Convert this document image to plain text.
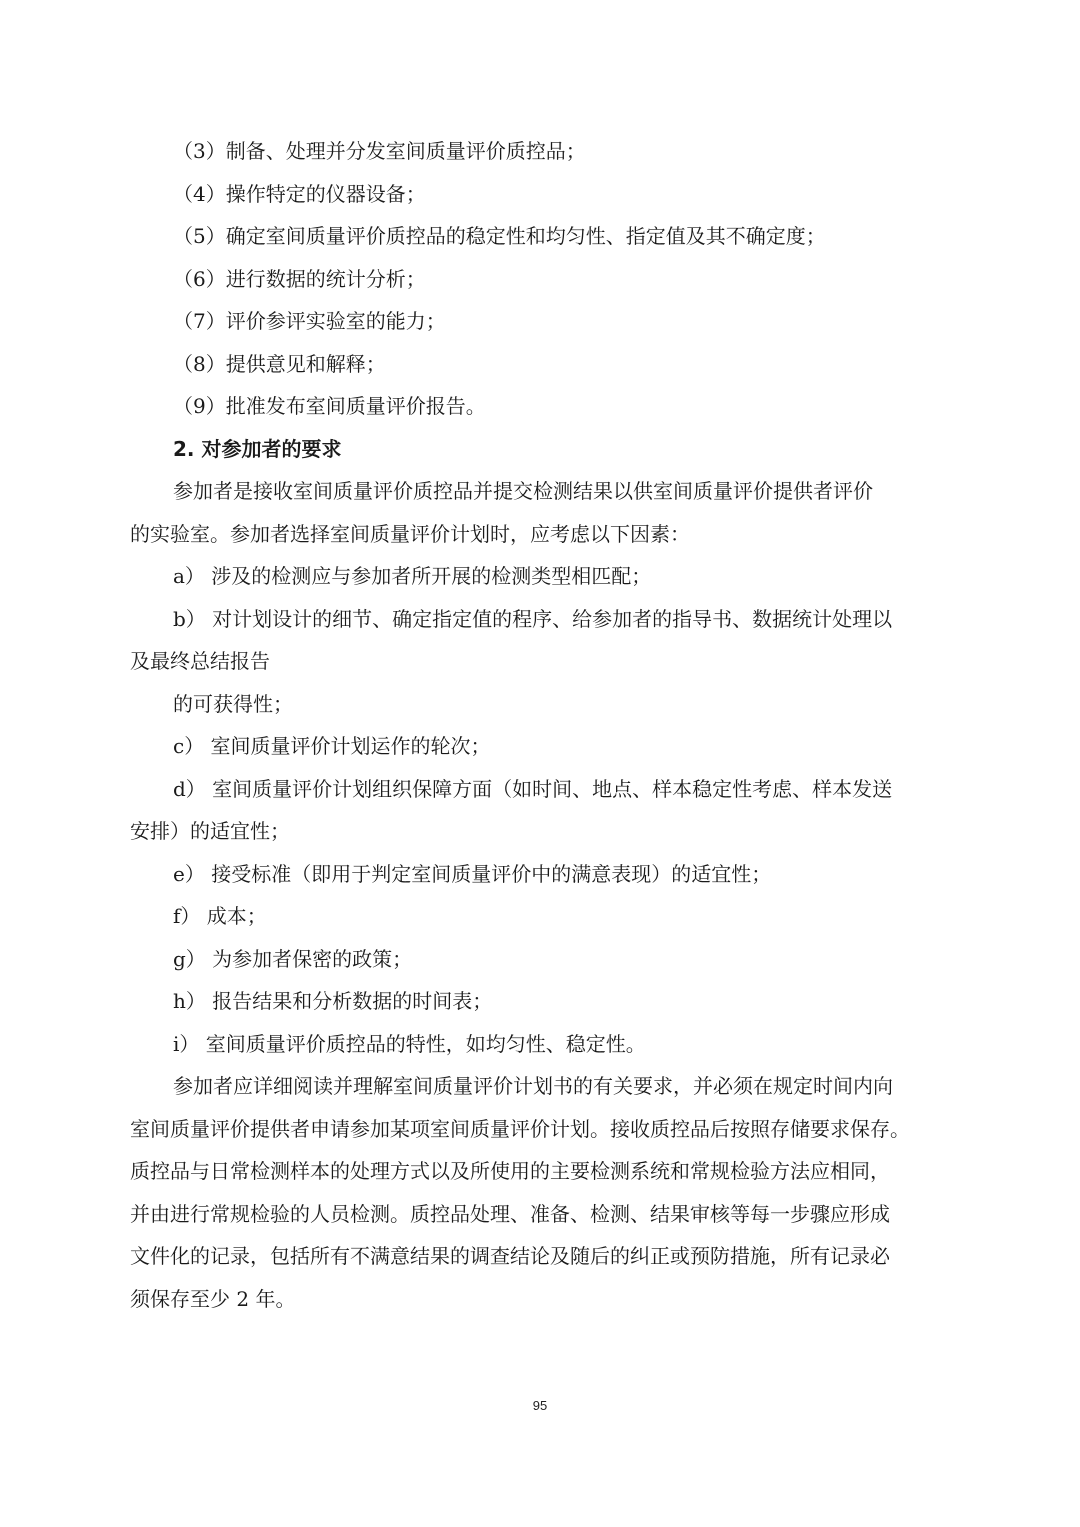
（3）制备、处理并分发室间质量评价质控品；
（4）操作特定的仪器设备；
（5）确定室间质量评价质控品的稳定性和均匀性、指定值及其不确定度；
（6）进行数据的统计分析；
（7）评价参评实验室的能力；
（8）提供意见和解释；
（9）批准发布室间质量评价报告。
2. 对参加者的要求
参加者是接收室间质量评价质控品并提交检测结果以供室间质量评价提供者评价
的实验室。参加者选择室间质量评价计划时，应考虑以下因素：
a） 涉及的检测应与参加者所开展的检测类型相匹配；
b） 对计划设计的细节、确定指定值的程序、给参加者的指导书、数据统计处理以
及最终总结报告
的可获得性；
c） 室间质量评价计划运作的轮次；
d） 室间质量评价计划组织保障方面（如时间、地点、样本稳定性考虑、样本发送
安排）的适宜性；
e） 接受标准（即用于判定室间质量评价中的满意表现）的适宜性；
f） 成本；
g） 为参加者保密的政策；
h） 报告结果和分析数据的时间表；
i） 室间质量评价质控品的特性，如均匀性、稳定性。
参加者应详细阅读并理解室间质量评价计划书的有关要求，并必须在规定时间内向
室间质量评价提供者申请参加某项室间质量评价计划。接收质控品后按照存储要求保存。
质控品与日常检测样本的处理方式以及所使用的主要检测系统和常规检验方法应相同，
并由进行常规检验的人员检测。质控品处理、准备、检测、结果审核等每一步骤应形成
文件化的记录，包括所有不满意结果的调查结论及随后的纠正或预防措施，所有记录必
须保存至少 2 年。
95
